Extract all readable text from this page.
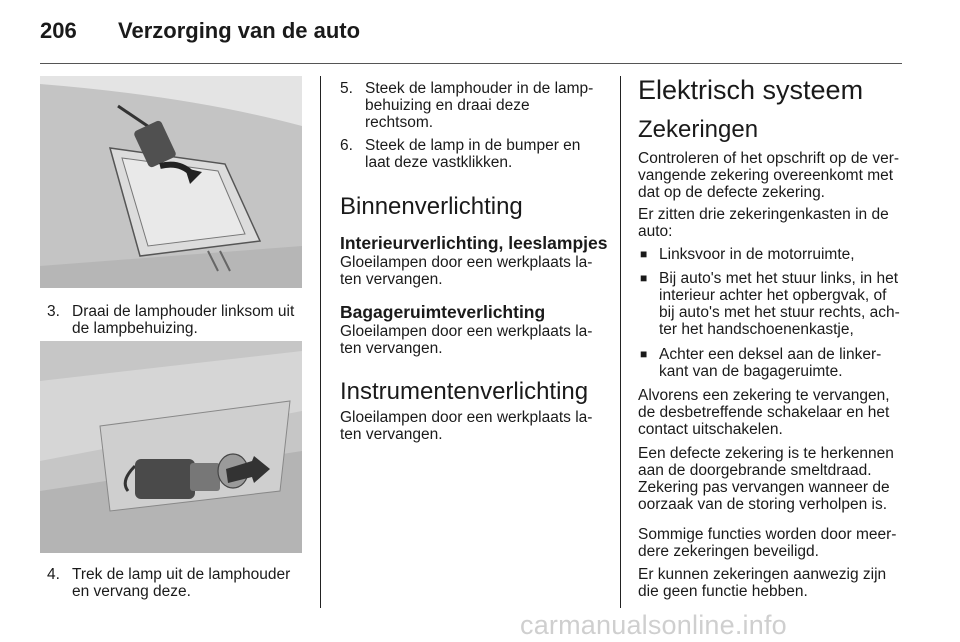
206 Verzorging van de auto
3. Draai de lamphouder linksom uit
de lampbehuizing.
4. Trek de lamp uit de lamphouder
en vervang deze.
5. Steek de lamphouder in de lamp-
behuizing en draai deze
rechtsom.
6. Steek de lamp in de bumper en
laat deze vastklikken.
Binnenverlichting
Interieurverlichting, leeslampjes
Gloeilampen door een werkplaats la-
ten vervangen.
Bagageruimteverlichting
Gloeilampen door een werkplaats la-
ten vervangen.
Instrumentenverlichting
Gloeilampen door een werkplaats la-
ten vervangen.
Elektrisch systeem
Zekeringen
Controleren of het opschrift op de ver-
vangende zekering overeenkomt met
dat op de defecte zekering.
Er zitten drie zekeringenkasten in de
auto:
■ Linksvoor in de motorruimte,
■ Bij auto's met het stuur links, in het
interieur achter het opbergvak, of
bij auto's met het stuur rechts, ach-
ter het handschoenenkastje,
■ Achter een deksel aan de linker-
kant van de bagageruimte.
Alvorens een zekering te vervangen,
de desbetreffende schakelaar en het
contact uitschakelen.
Een defecte zekering is te herkennen
aan de doorgebrande smeltdraad.
Zekering pas vervangen wanneer de
oorzaak van de storing verholpen is.
Sommige functies worden door meer-
dere zekeringen beveiligd.
Er kunnen zekeringen aanwezig zijn
die geen functie hebben.
carmanualsonline.info
